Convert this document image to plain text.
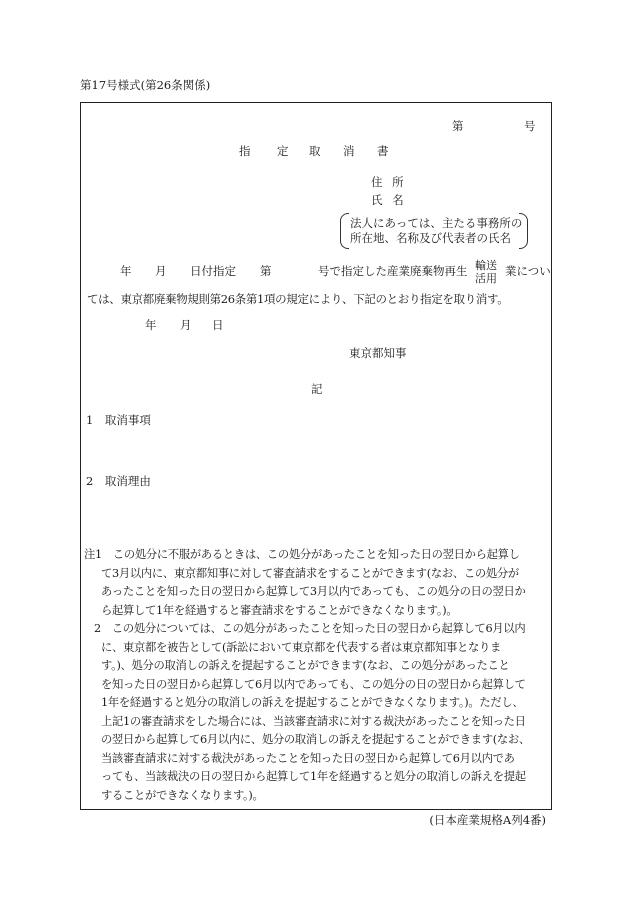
第17号様式(第26条関係)
第	号
指 定 取 消 書
住 所
氏 名
法人にあっては、主たる事務所の
所在地、名称及び代表者の氏名
年 月 日付指定 第	号で指定した産業廃棄物再生 輸送
活用
業につい
ては、東京都廃棄物規則第26条第1項の規定により、下記のとおり指定を取り消す。
年 月 日
東京都知事
記
1　取消事項
2　取消理由
注1　この処分に不服があるときは、この処分があったことを知った日の翌日から起算し
て3月以内に、東京都知事に対して審査請求をすることができます(なお、この処分が
あったことを知った日の翌日から起算して3月以内であっても、この処分の日の翌日か
ら起算して1年を経過すると審査請求をすることができなくなります。)。
2　この処分については、この処分があったことを知った日の翌日から起算して6月以内
に、東京都を被告として(訴訟において東京都を代表する者は東京都知事となりま
す。)、処分の取消しの訴えを提起することができます(なお、この処分があったこと
を知った日の翌日から起算して6月以内であっても、この処分の日の翌日から起算して
1年を経過すると処分の取消しの訴えを提起することができなくなります。)。ただし、
上記1の審査請求をした場合には、当該審査請求に対する裁決があったことを知った日
の翌日から起算して6月以内に、処分の取消しの訴えを提起することができます(なお、
当該審査請求に対する裁決があったことを知った日の翌日から起算して6月以内であ
っても、当該裁決の日の翌日から起算して1年を経過すると処分の取消しの訴えを提起
することができなくなります。)。
(日本産業規格A列4番)
